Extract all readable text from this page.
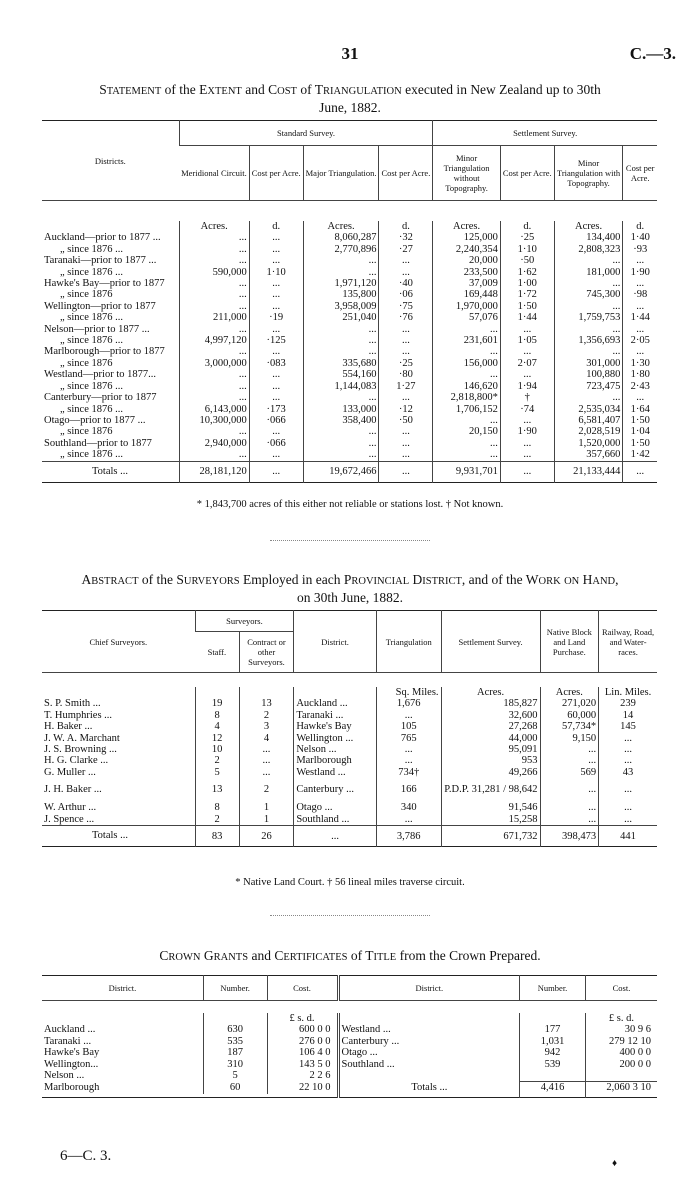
31	C.—3.
STATEMENT of the EXTENT and COST of TRIANGULATION executed in New Zealand up to 30th
June, 1882.
Districts.	Standard Survey.				Settlement Survey.			
	Meridional Circuit.	Cost per Acre.	Major Triangulation.	Cost per Acre.	Minor Triangulation without Topography.	Cost per Acre.	Minor Triangulation with Topography.	Cost per Acre.

	Acres.	d.	Acres.	d.	Acres.	d.	Acres.	d.
Auckland—prior to 1877 ...	...	...	8,060,287	·32	125,000	·25	134,400	1·40
„ since 1876 ...	...	...	2,770,896	·27	2,240,354	1·10	2,808,323	·93
Taranaki—prior to 1877 ...	...	...	...	...	20,000	·50	...	...
„ since 1876 ...	590,000	1·10	...	...	233,500	1·62	181,000	1·90
Hawke's Bay—prior to 1877	...	...	1,971,120	·40	37,009	1·00	...	...
„ since 1876	...	...	135,800	·06	169,448	1·72	745,300	·98
Wellington—prior to 1877	...	...	3,958,009	·75	1,970,000	1·50	...	...
„ since 1876 ...	211,000	·19	251,040	·76	57,076	1·44	1,759,753	1·44
Nelson—prior to 1877 ...	...	...	...	...	...	...	...	...
„ since 1876 ...	4,997,120	·125	...	...	231,601	1·05	1,356,693	2·05
Marlborough—prior to 1877	...	...	...	...	...	...	...	...
„ since 1876	3,000,000	·083	335,680	·25	156,000	2·07	301,000	1·30
Westland—prior to 1877...	...	...	554,160	·80	...	...	100,880	1·80
„ since 1876 ...	...	...	1,144,083	1·27	146,620	1·94	723,475	2·43
Canterbury—prior to 1877	...	...	...	...	2,818,800*	†	...	...
„ since 1876 ...	6,143,000	·173	133,000	·12	1,706,152	·74	2,535,034	1·64
Otago—prior to 1877 ...	10,300,000	·066	358,400	·50	...	...	6,581,407	1·50
„ since 1876	...	...	...	...	20,150	1·90	2,028,519	1·04
Southland—prior to 1877	2,940,000	·066	...	...	...	...	1,520,000	1·50
„ since 1876 ...	...	...	...	...	...	...	357,660	1·42
Totals ...	28,181,120	...	19,672,466	...	9,931,701	...	21,133,444	...
* 1,843,700 acres of this either not reliable or stations lost. † Not known.
ABSTRACT of the SURVEYORS Employed in each PROVINCIAL DISTRICT, and of the WORK ON HAND,
on 30th June, 1882.
Chief Surveyors.	Surveyors.		District.	Triangulation	Settlement Survey.	Native Block and Land Purchase.	Railway, Road, and Water-races.
	Staff.	Contract or other Surveyors.					

				Sq. Miles.	Acres.	Acres.	Lin. Miles.
S. P. Smith ...	19	13	Auckland ...	1,676	185,827	271,020	239
T. Humphries ...	8	2	Taranaki ...	...	32,600	60,000	14
H. Baker ...	4	3	Hawke's Bay	105	27,268	57,734*	145
J. W. A. Marchant	12	4	Wellington ...	765	44,000	9,150	...
J. S. Browning ...	10	...	Nelson ...	...	95,091	...	...
H. G. Clarke ...	2	...	Marlborough	...	953	...	...
G. Muller ...	5	...	Westland ...	734†	49,266	569	43
J. H. Baker ...	13	2	Canterbury ...	166	P.D.P. 31,281 / 98,642	...	...
W. Arthur ...	8	1	Otago ...	340	91,546	...	...
J. Spence ...	2	1	Southland ...	...	15,258	...	...
Totals ...	83	26	...	3,786	671,732	398,473	441
* Native Land Court. † 56 lineal miles traverse circuit.
CROWN GRANTS and CERTIFICATES of TITLE from the Crown Prepared.
District.	Number.	Cost.	District.	Number.	Cost.

		£ s. d.			£ s. d.
Auckland ...	630	600 0 0	Westland ...	177	30 9 6
Taranaki ...	535	276 0 0	Canterbury ...	1,031	279 12 10
Hawke's Bay	187	106 4 0	Otago ...	942	400 0 0
Wellington...	310	143 5 0	Southland ...	539	200 0 0
Nelson ...	5	2 2 6			
Marlborough	60	22 10 0	Totals ...	4,416	2,060 3 10

6—C. 3.	♦
